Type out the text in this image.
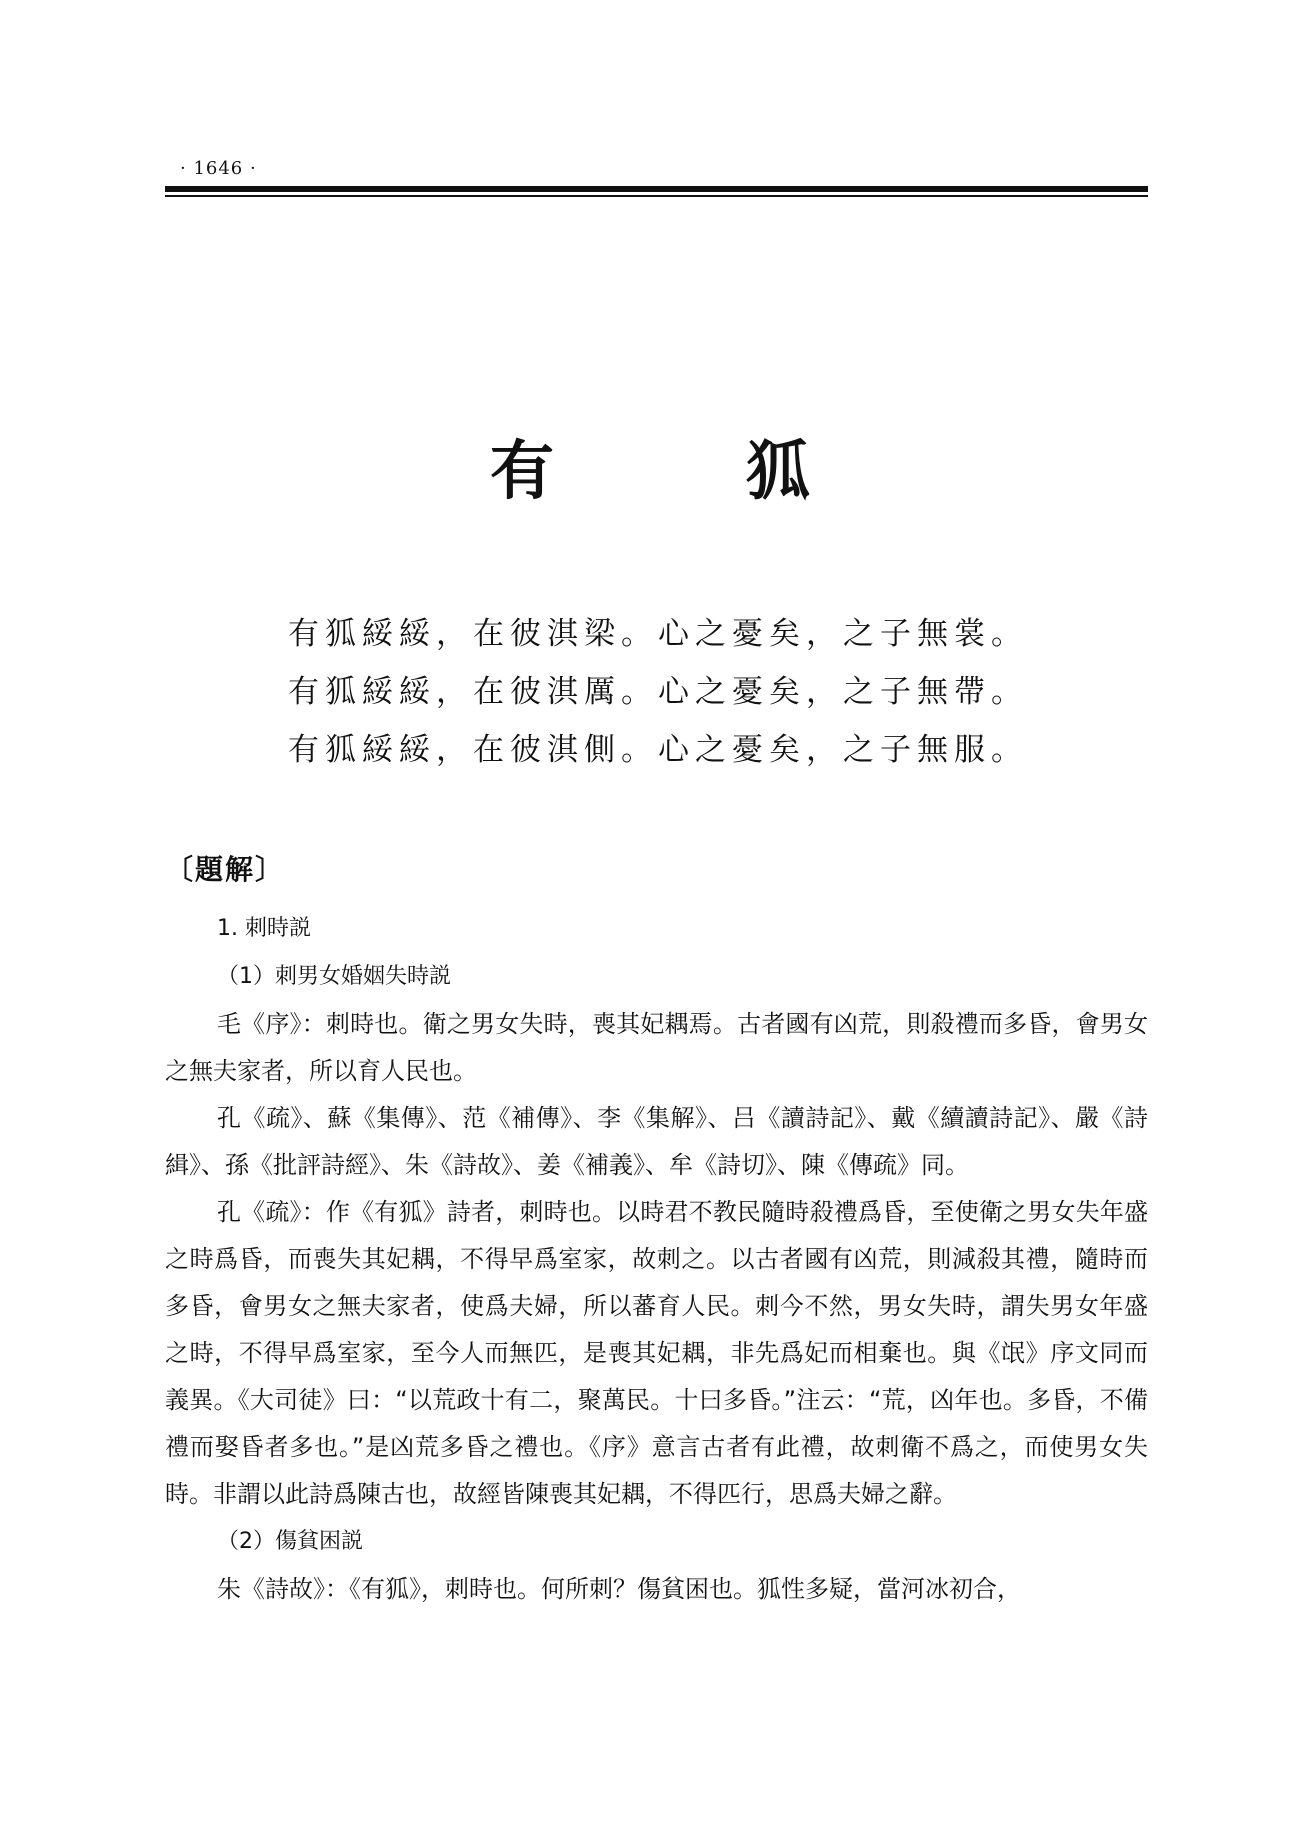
· 1646 ·
有　狐
有狐綏綏，在彼淇梁。心之憂矣，之子無裳。
有狐綏綏，在彼淇厲。心之憂矣，之子無帶。
有狐綏綏，在彼淇側。心之憂矣，之子無服。
〔題解〕
1. 刺時説
（1）刺男女婚姻失時説

毛《序》：刺時也。衛之男女失時，喪其妃耦焉。古者國有凶荒，則殺禮而多昏，會男女之無夫家者，所以育人民也。

孔《疏》、蘇《集傳》、范《補傳》、李《集解》、吕《讀詩記》、戴《續讀詩記》、嚴《詩緝》、孫《批評詩經》、朱《詩故》、姜《補義》、牟《詩切》、陳《傳疏》同。

孔《疏》：作《有狐》詩者，刺時也。以時君不教民隨時殺禮爲昏，至使衛之男女失年盛之時爲昏，而喪失其妃耦，不得早爲室家，故刺之。以古者國有凶荒，則減殺其禮，隨時而多昏，會男女之無夫家者，使爲夫婦，所以蕃育人民。刺今不然，男女失時，謂失男女年盛之時，不得早爲室家，至今人而無匹，是喪其妃耦，非先爲妃而相棄也。與《氓》序文同而義異。《大司徒》曰：“以荒政十有二，聚萬民。十曰多昏。”注云：“荒，凶年也。多昏，不備禮而娶昏者多也。”是凶荒多昏之禮也。《序》意言古者有此禮，故刺衛不爲之，而使男女失時。非謂以此詩爲陳古也，故經皆陳喪其妃耦，不得匹行，思爲夫婦之辭。

（2）傷貧困説

朱《詩故》：《有狐》，刺時也。何所刺？傷貧困也。狐性多疑，當河冰初合，
